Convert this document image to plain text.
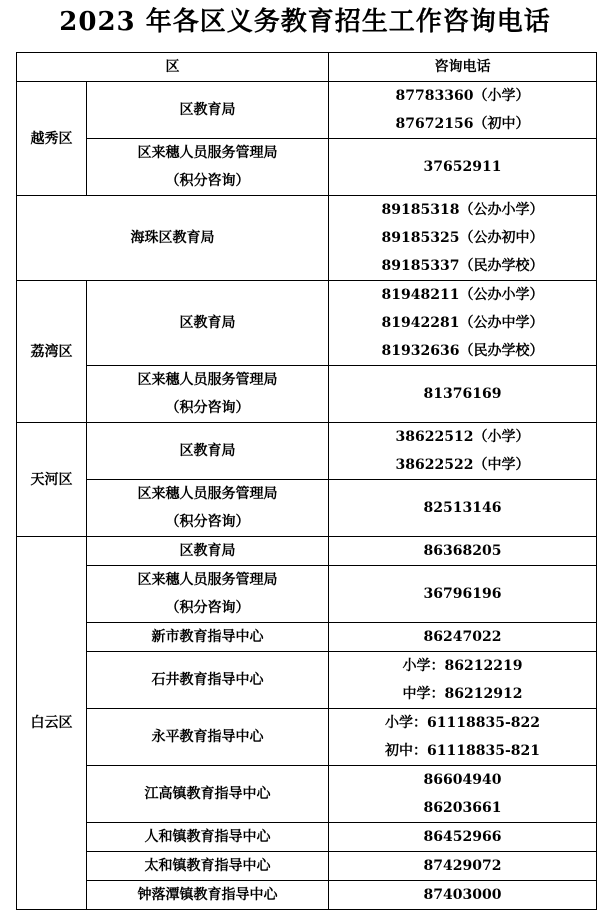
2023 年各区义务教育招生工作咨询电话
区		咨询电话
越秀区	区教育局	87783360（小学）
87672156（初中）

	区来穗人员服务管理局
（积分咨询）	37652911

海珠区教育局		89185318（公办小学）
89185325（公办初中）
89185337（民办学校）

荔湾区	区教育局	81948211（公办小学）
81942281（公办中学）
81932636（民办学校）

	区来穗人员服务管理局
（积分咨询）	81376169

天河区	区教育局	38622512（小学）
38622522（中学）

	区来穗人员服务管理局
（积分咨询）	82513146

白云区	区教育局	86368205

	区来穗人员服务管理局
（积分咨询）	36796196

	新市教育指导中心	86247022

	石井教育指导中心	小学：86212219
中学：86212912

	永平教育指导中心	小学：61118835-822
初中：61118835-821

	江高镇教育指导中心	86604940
86203661

	人和镇教育指导中心	86452966

	太和镇教育指导中心	87429072

	钟落潭镇教育指导中心	87403000
